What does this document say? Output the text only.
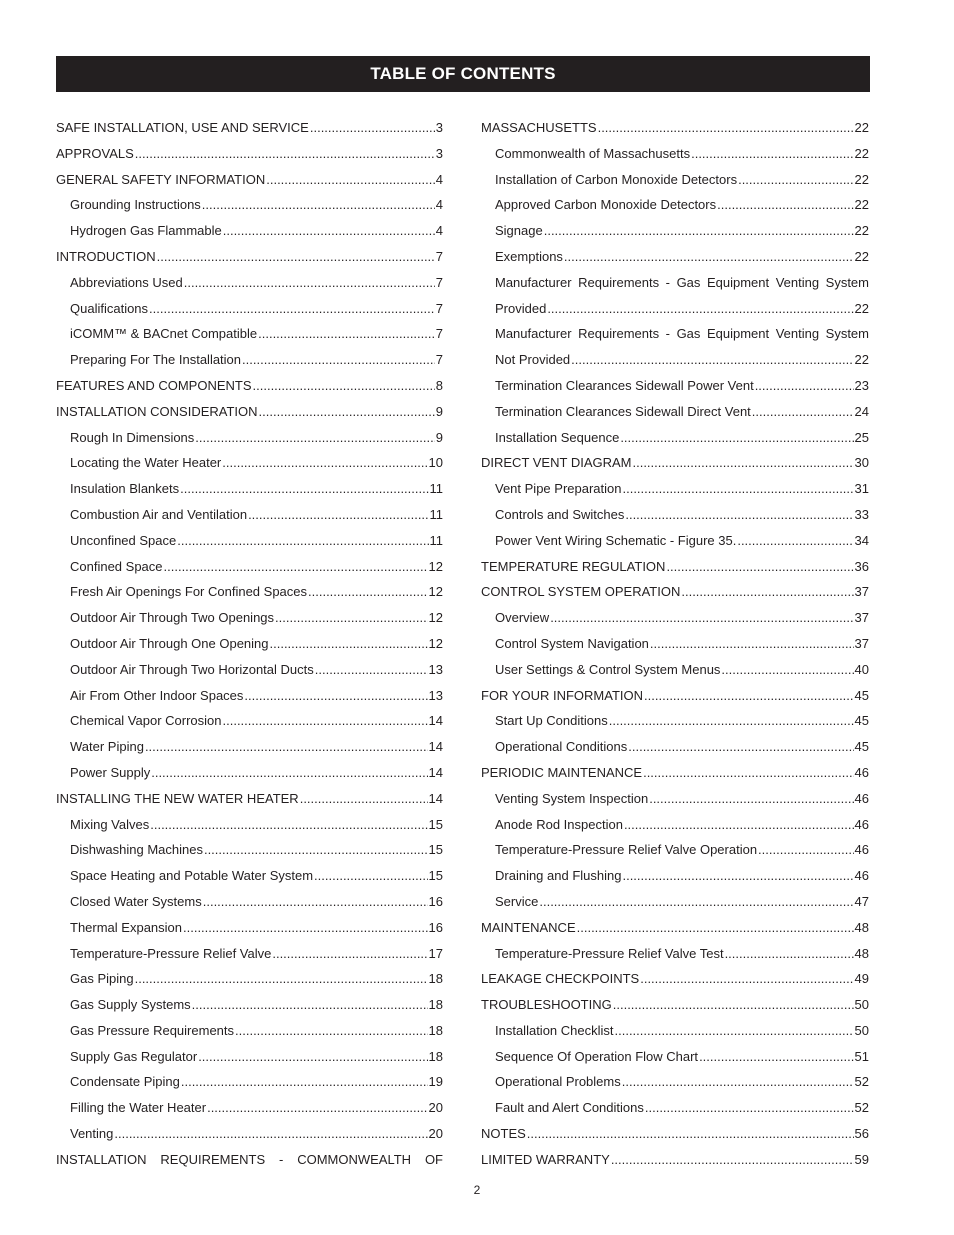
TABLE OF CONTENTS
SAFE INSTALLATION, USE AND SERVICE .....	3
APPROVALS .....	3
GENERAL SAFETY INFORMATION .....	4
Grounding Instructions .....	4
Hydrogen Gas Flammable .....	4
INTRODUCTION .....	7
Abbreviations Used .....	7
Qualifications .....	7
iCOMM™ & BACnet Compatible .....	7
Preparing For The Installation .....	7
FEATURES AND COMPONENTS .....	8
INSTALLATION CONSIDERATION .....	9
Rough In Dimensions .....	9
Locating the Water Heater .....	10
Insulation Blankets .....	11
Combustion Air and Ventilation .....	11
Unconfined Space .....	11
Confined Space .....	12
Fresh Air Openings For Confined Spaces .....	12
Outdoor Air Through Two Openings .....	12
Outdoor Air Through One Opening .....	12
Outdoor Air Through Two Horizontal Ducts .....	13
Air From Other Indoor Spaces .....	13
Chemical Vapor Corrosion .....	14
Water Piping .....	14
Power Supply .....	14
INSTALLING THE NEW WATER HEATER .....	14
Mixing Valves .....	15
Dishwashing Machines .....	15
Space Heating and Potable Water System .....	15
Closed Water Systems .....	16
Thermal Expansion .....	16
Temperature-Pressure Relief Valve .....	17
Gas Piping .....	18
Gas Supply Systems .....	18
Gas Pressure Requirements .....	18
Supply Gas Regulator .....	18
Condensate Piping .....	19
Filling the Water Heater .....	20
Venting .....	20
INSTALLATION REQUIREMENTS - COMMONWEALTH OF
MASSACHUSETTS .....	22
Commonwealth of Massachusetts .....	22
Installation of Carbon Monoxide Detectors .....	22
Approved Carbon Monoxide Detectors .....	22
Signage .....	22
Exemptions .....	22
Manufacturer Requirements - Gas Equipment Venting System
Provided .....	22
Manufacturer Requirements - Gas Equipment Venting System
Not Provided .....	22
Termination Clearances Sidewall Power Vent .....	23
Termination Clearances Sidewall Direct Vent .....	24
Installation Sequence .....	25
DIRECT VENT DIAGRAM .....	30
Vent Pipe Preparation .....	31
Controls and Switches .....	33
Power Vent Wiring Schematic - Figure 35. .....	34
TEMPERATURE REGULATION .....	36
CONTROL SYSTEM OPERATION .....	37
Overview .....	37
Control System Navigation .....	37
User Settings & Control System Menus .....	40
FOR YOUR INFORMATION .....	45
Start Up Conditions .....	45
Operational Conditions .....	45
PERIODIC MAINTENANCE .....	46
Venting System Inspection .....	46
Anode Rod Inspection .....	46
Temperature-Pressure Relief Valve Operation .....	46
Draining and Flushing .....	46
Service .....	47
MAINTENANCE .....	48
Temperature-Pressure Relief Valve Test .....	48
LEAKAGE CHECKPOINTS .....	49
TROUBLESHOOTING .....	50
Installation Checklist .....	50
Sequence Of Operation Flow Chart .....	51
Operational Problems .....	52
Fault and Alert Conditions .....	52
NOTES .....	56
LIMITED WARRANTY .....	59
2
